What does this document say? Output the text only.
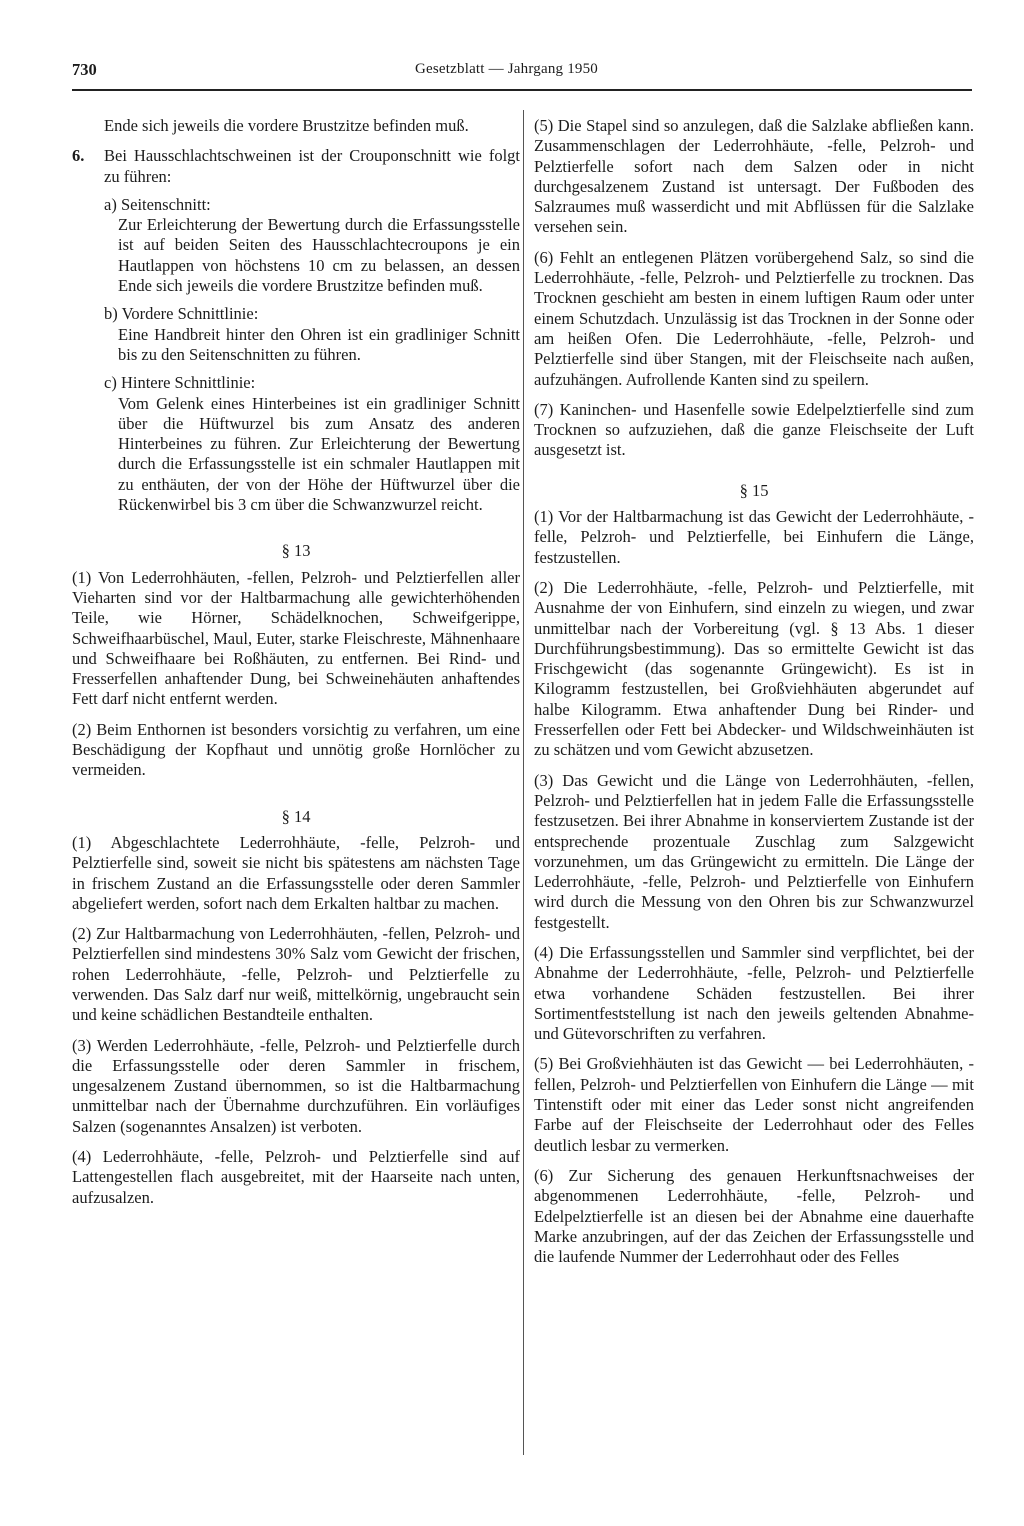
730	Gesetzblatt — Jahrgang 1950

Ende sich jeweils die vordere Brustzitze befinden muß.

6.	Bei Hausschlachtschweinen ist der Crouponschnitt wie folgt zu führen:

a) Seitenschnitt:

Zur Erleichterung der Bewertung durch die Erfassungsstelle ist auf beiden Seiten des Hausschlachtecroupons je ein Hautlappen von höchstens 10 cm zu belassen, an dessen Ende sich jeweils die vordere Brustzitze befinden muß.

b) Vordere Schnittlinie:

Eine Handbreit hinter den Ohren ist ein gradliniger Schnitt bis zu den Seitenschnitten zu führen.

c) Hintere Schnittlinie:

Vom Gelenk eines Hinterbeines ist ein gradliniger Schnitt über die Hüftwurzel bis zum Ansatz des anderen Hinterbeines zu führen. Zur Erleichterung der Bewertung durch die Erfassungsstelle ist ein schmaler Hautlappen mit zu enthäuten, der von der Höhe der Hüftwurzel über die Rückenwirbel bis 3 cm über die Schwanzwurzel reicht.

§ 13

(1) Von Lederrohhäuten, -fellen, Pelzroh- und Pelztierfellen aller Vieharten sind vor der Haltbarmachung alle gewichterhöhenden Teile, wie Hörner, Schädelknochen, Schweifgerippe, Schweifhaarbüschel, Maul, Euter, starke Fleischreste, Mähnenhaare und Schweifhaare bei Roßhäuten, zu entfernen. Bei Rind- und Fresserfellen anhaftender Dung, bei Schweinehäuten anhaftendes Fett darf nicht entfernt werden.

(2) Beim Enthornen ist besonders vorsichtig zu verfahren, um eine Beschädigung der Kopfhaut und unnötig große Hornlöcher zu vermeiden.

§ 14

(1) Abgeschlachtete Lederrohhäute, -felle, Pelzroh- und Pelztierfelle sind, soweit sie nicht bis spätestens am nächsten Tage in frischem Zustand an die Erfassungsstelle oder deren Sammler abgeliefert werden, sofort nach dem Erkalten haltbar zu machen.

(2) Zur Haltbarmachung von Lederrohhäuten, -fellen, Pelzroh- und Pelztierfellen sind mindestens 30% Salz vom Gewicht der frischen, rohen Lederrohhäute, -felle, Pelzroh- und Pelztierfelle zu verwenden. Das Salz darf nur weiß, mittelkörnig, ungebraucht sein und keine schädlichen Bestandteile enthalten.

(3) Werden Lederrohhäute, -felle, Pelzroh- und Pelztierfelle durch die Erfassungsstelle oder deren Sammler in frischem, ungesalzenem Zustand übernommen, so ist die Haltbarmachung unmittelbar nach der Übernahme durchzuführen. Ein vorläufiges Salzen (sogenanntes Ansalzen) ist verboten.

(4) Lederrohhäute, -felle, Pelzroh- und Pelztierfelle sind auf Lattengestellen flach ausgebreitet, mit der Haarseite nach unten, aufzusalzen.

(5) Die Stapel sind so anzulegen, daß die Salzlake abfließen kann. Zusammenschlagen der Lederrohhäute, -felle, Pelzroh- und Pelztierfelle sofort nach dem Salzen oder in nicht durchgesalzenem Zustand ist untersagt. Der Fußboden des Salzraumes muß wasserdicht und mit Abflüssen für die Salzlake versehen sein.

(6) Fehlt an entlegenen Plätzen vorübergehend Salz, so sind die Lederrohhäute, -felle, Pelzroh- und Pelztierfelle zu trocknen. Das Trocknen geschieht am besten in einem luftigen Raum oder unter einem Schutzdach. Unzulässig ist das Trocknen in der Sonne oder am heißen Ofen. Die Lederrohhäute, -felle, Pelzroh- und Pelztierfelle sind über Stangen, mit der Fleischseite nach außen, aufzuhängen. Aufrollende Kanten sind zu speilern.

(7) Kaninchen- und Hasenfelle sowie Edelpelztierfelle sind zum Trocknen so aufzuziehen, daß die ganze Fleischseite der Luft ausgesetzt ist.

§ 15

(1) Vor der Haltbarmachung ist das Gewicht der Lederrohhäute, -felle, Pelzroh- und Pelztierfelle, bei Einhufern die Länge, festzustellen.

(2) Die Lederrohhäute, -felle, Pelzroh- und Pelztierfelle, mit Ausnahme der von Einhufern, sind einzeln zu wiegen, und zwar unmittelbar nach der Vorbereitung (vgl. § 13 Abs. 1 dieser Durchführungsbestimmung). Das so ermittelte Gewicht ist das Frischgewicht (das sogenannte Grüngewicht). Es ist in Kilogramm festzustellen, bei Großviehhäuten abgerundet auf halbe Kilogramm. Etwa anhaftender Dung bei Rinder- und Fresserfellen oder Fett bei Abdecker- und Wildschweinhäuten ist zu schätzen und vom Gewicht abzusetzen.

(3) Das Gewicht und die Länge von Lederrohhäuten, -fellen, Pelzroh- und Pelztierfellen hat in jedem Falle die Erfassungsstelle festzusetzen. Bei ihrer Abnahme in konserviertem Zustande ist der entsprechende prozentuale Zuschlag zum Salzgewicht vorzunehmen, um das Grüngewicht zu ermitteln. Die Länge der Lederrohhäute, -felle, Pelzroh- und Pelztierfelle von Einhufern wird durch die Messung von den Ohren bis zur Schwanzwurzel festgestellt.

(4) Die Erfassungsstellen und Sammler sind verpflichtet, bei der Abnahme der Lederrohhäute, -felle, Pelzroh- und Pelztierfelle etwa vorhandene Schäden festzustellen. Bei ihrer Sortimentfeststellung ist nach den jeweils geltenden Abnahme- und Gütevorschriften zu verfahren.

(5) Bei Großviehhäuten ist das Gewicht — bei Lederrohhäuten, -fellen, Pelzroh- und Pelztierfellen von Einhufern die Länge — mit Tintenstift oder mit einer das Leder sonst nicht angreifenden Farbe auf der Fleischseite der Lederrohhaut oder des Felles deutlich lesbar zu vermerken.

(6) Zur Sicherung des genauen Herkunftsnachweises der abgenommenen Lederrohhäute, -felle, Pelzroh- und Edelpelztierfelle ist an diesen bei der Abnahme eine dauerhafte Marke anzubringen, auf der das Zeichen der Erfassungsstelle und die laufende Nummer der Lederrohhaut oder des Felles
